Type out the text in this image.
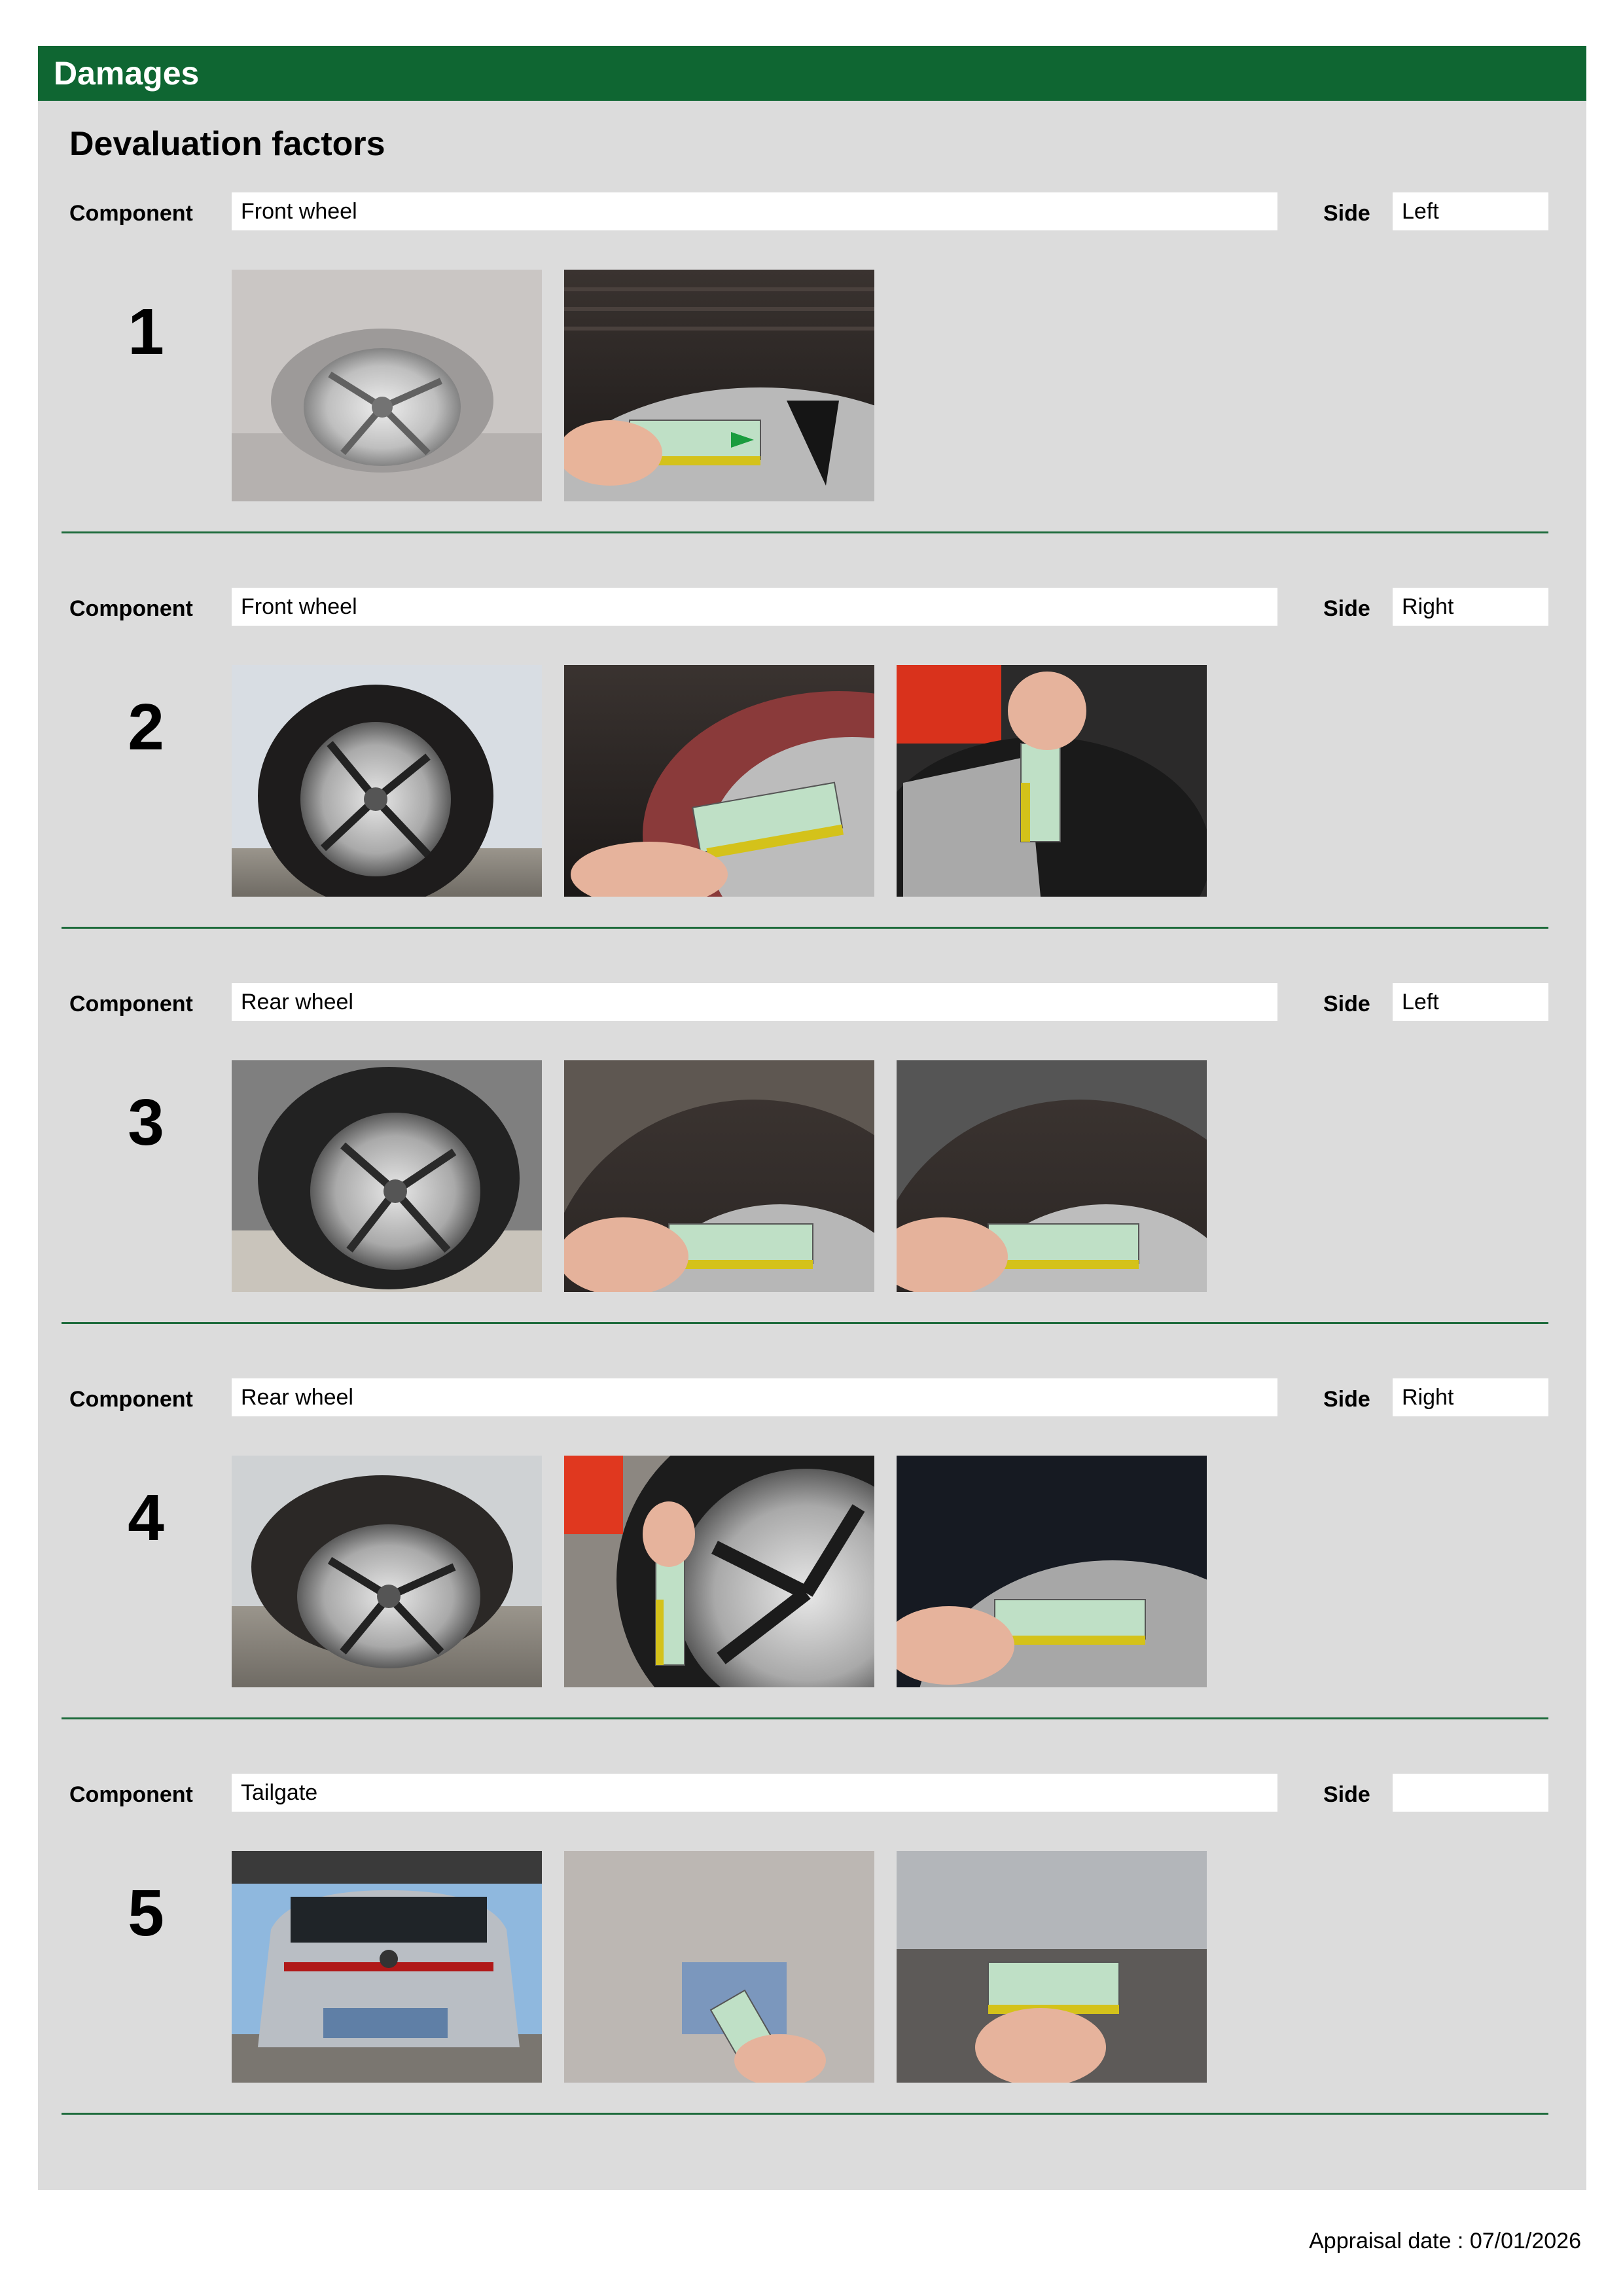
Damages
Devaluation factors
Component	Front wheel	Side	Left
1
Component	Front wheel	Side	Right
2
Component	Rear wheel	Side	Left
3
Component	Rear wheel	Side	Right
4
Component	Tailgate	Side
5
Appraisal date : 07/01/2026
